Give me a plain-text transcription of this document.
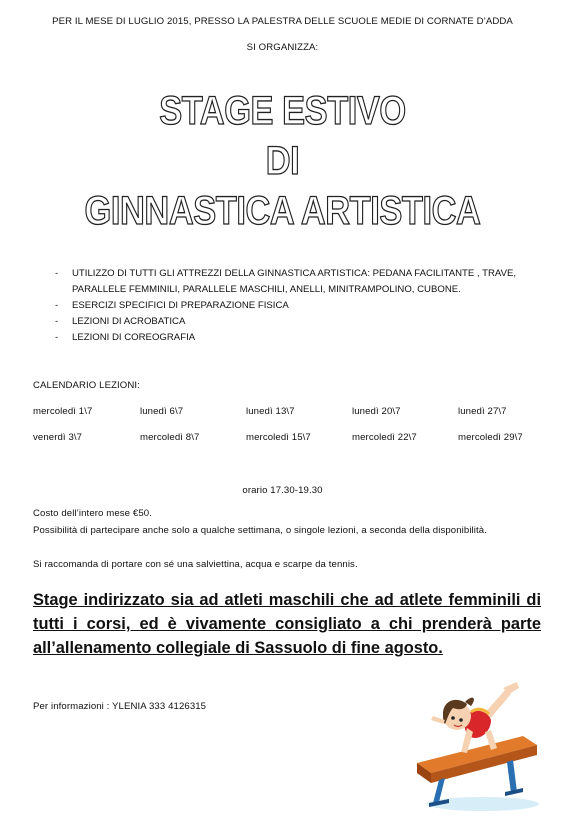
PER IL MESE DI LUGLIO 2015, PRESSO LA PALESTRA DELLE SCUOLE MEDIE DI CORNATE D’ADDA
SI ORGANIZZA:
STAGE ESTIVO
DI
GINNASTICA ARTISTICA
- UTILIZZO DI TUTTI GLI ATTREZZI DELLA GINNASTICA ARTISTICA: PEDANA FACILITANTE , TRAVE, PARALLELE FEMMINILI, PARALLELE MASCHILI, ANELLI, MINITRAMPOLINO, CUBONE.
- ESERCIZI SPECIFICI DI PREPARAZIONE FISICA
- LEZIONI DI ACROBATICA
- LEZIONI DI COREOGRAFIA
CALENDARIO LEZIONI:
mercoledì 1\7	lunedì 6\7	lunedì 13\7	lunedì 20\7	lunedì 27\7
venerdì 3\7	mercoledì 8\7	mercoledì 15\7	mercoledì 22\7	mercoledì 29\7
orario 17.30-19.30
Costo dell’intero mese €50.
Possibilità di partecipare anche solo a qualche settimana, o singole lezioni, a seconda della disponibilità.
Si raccomanda di portare con sé una salviettina, acqua e scarpe da tennis.
Stage indirizzato sia ad atleti maschili che ad atlete femminili di tutti i corsi, ed è vivamente consigliato a chi prenderà parte all’allenamento collegiale di Sassuolo di fine agosto.
Per informazioni : YLENIA 333 4126315
